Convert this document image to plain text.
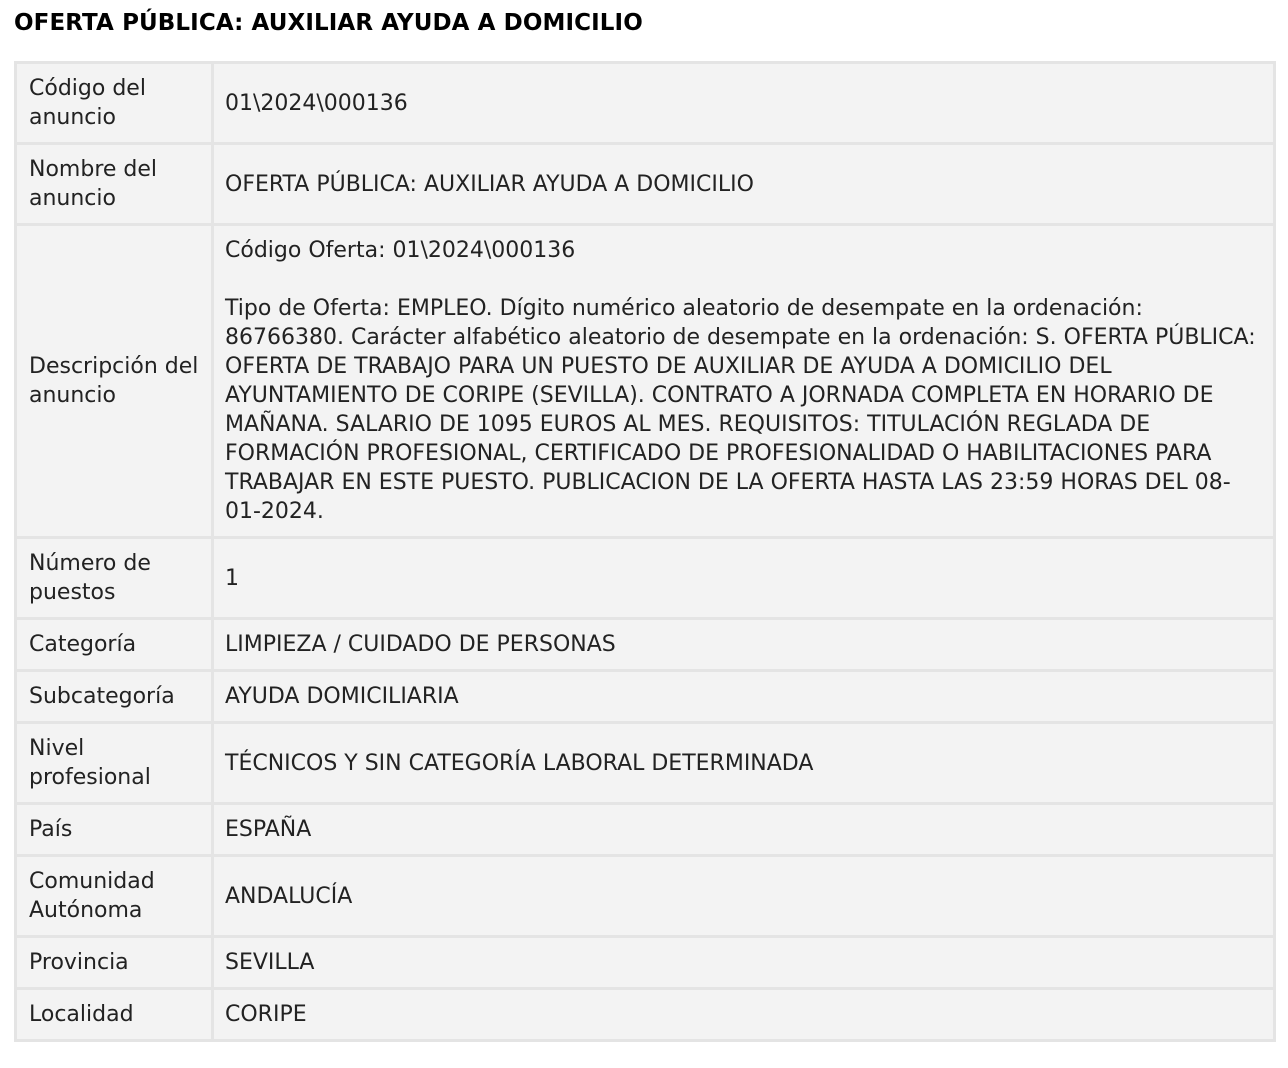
OFERTA PÚBLICA: AUXILIAR AYUDA A DOMICILIO
Código del anuncio	01\2024\000136
Nombre del anuncio	OFERTA PÚBLICA: AUXILIAR AYUDA A DOMICILIO
Descripción del anuncio	Código Oferta: 01\2024\000136
Tipo de Oferta: EMPLEO. Dígito numérico aleatorio de desempate en la ordenación: 86766380. Carácter alfabético aleatorio de desempate en la ordenación: S. OFERTA PÚBLICA: OFERTA DE TRABAJO PARA UN PUESTO DE AUXILIAR DE AYUDA A DOMICILIO DEL AYUNTAMIENTO DE CORIPE (SEVILLA). CONTRATO A JORNADA COMPLETA EN HORARIO DE MAÑANA. SALARIO DE 1095 EUROS AL MES. REQUISITOS: TITULACIÓN REGLADA DE FORMACIÓN PROFESIONAL, CERTIFICADO DE PROFESIONALIDAD O HABILITACIONES PARA TRABAJAR EN ESTE PUESTO. PUBLICACION DE LA OFERTA HASTA LAS 23:59 HORAS DEL 08-01-2024.

Número de puestos	1
Categoría	LIMPIEZA / CUIDADO DE PERSONAS
Subcategoría	AYUDA DOMICILIARIA
Nivel profesional	TÉCNICOS Y SIN CATEGORÍA LABORAL DETERMINADA
País	ESPAÑA
Comunidad Autónoma	ANDALUCÍA
Provincia	SEVILLA
Localidad	CORIPE
